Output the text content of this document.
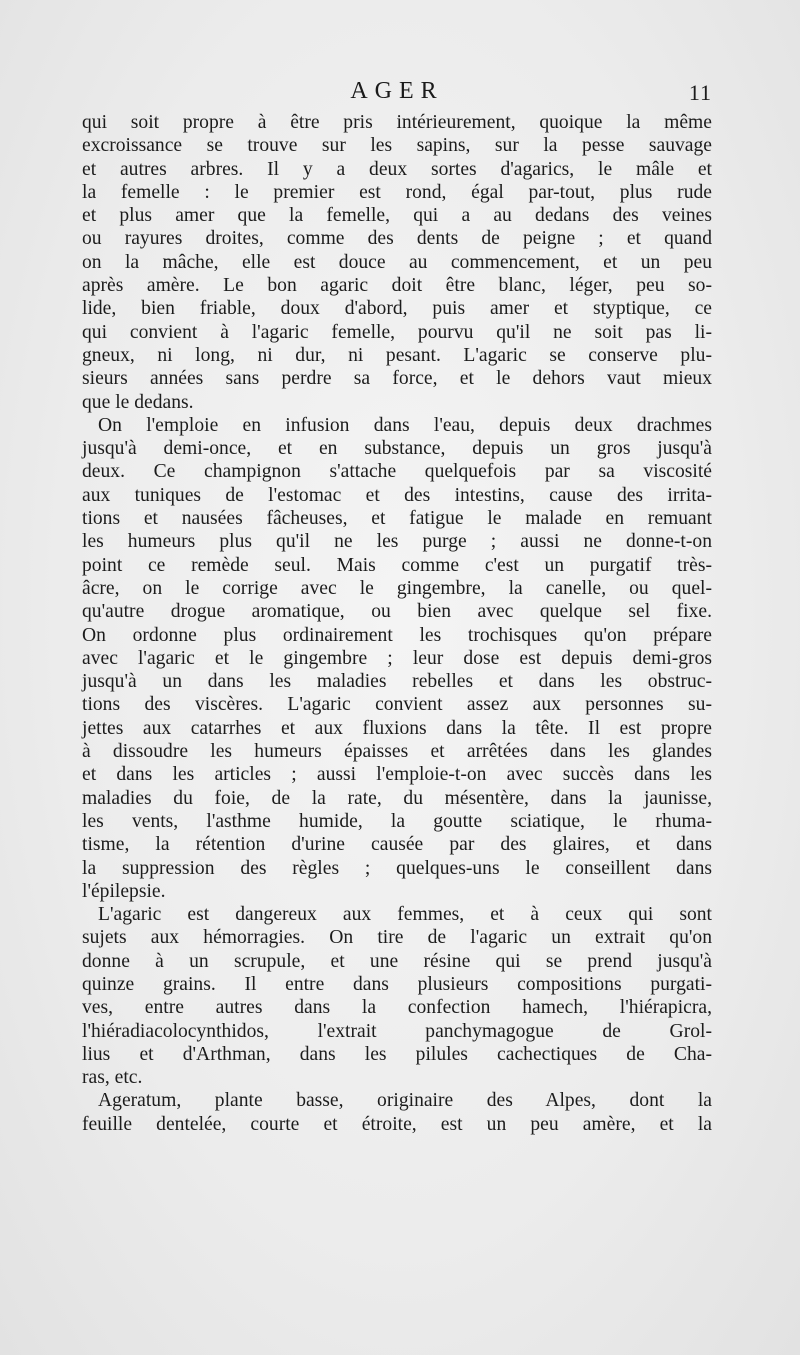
AGER	11
qui soit propre à être pris intérieurement, quoique la même
excroissance se trouve sur les sapins, sur la pesse sauvage
et autres arbres. Il y a deux sortes d'agarics, le mâle et
la femelle : le premier est rond, égal par-tout, plus rude
et plus amer que la femelle, qui a au dedans des veines
ou rayures droites, comme des dents de peigne ; et quand
on la mâche, elle est douce au commencement, et un peu
après amère. Le bon agaric doit être blanc, léger, peu so-
lide, bien friable, doux d'abord, puis amer et styptique, ce
qui convient à l'agaric femelle, pourvu qu'il ne soit pas li-
gneux, ni long, ni dur, ni pesant. L'agaric se conserve plu-
sieurs années sans perdre sa force, et le dehors vaut mieux
que le dedans.
On l'emploie en infusion dans l'eau, depuis deux drachmes
jusqu'à demi-once, et en substance, depuis un gros jusqu'à
deux. Ce champignon s'attache quelquefois par sa viscosité
aux tuniques de l'estomac et des intestins, cause des irrita-
tions et nausées fâcheuses, et fatigue le malade en remuant
les humeurs plus qu'il ne les purge ; aussi ne donne-t-on
point ce remède seul. Mais comme c'est un purgatif très-
âcre, on le corrige avec le gingembre, la canelle, ou quel-
qu'autre drogue aromatique, ou bien avec quelque sel fixe.
On ordonne plus ordinairement les trochisques qu'on prépare
avec l'agaric et le gingembre ; leur dose est depuis demi-gros
jusqu'à un dans les maladies rebelles et dans les obstruc-
tions des viscères. L'agaric convient assez aux personnes su-
jettes aux catarrhes et aux fluxions dans la tête. Il est propre
à dissoudre les humeurs épaisses et arrêtées dans les glandes
et dans les articles ; aussi l'emploie-t-on avec succès dans les
maladies du foie, de la rate, du mésentère, dans la jaunisse,
les vents, l'asthme humide, la goutte sciatique, le rhuma-
tisme, la rétention d'urine causée par des glaires, et dans
la suppression des règles ; quelques-uns le conseillent dans
l'épilepsie.
L'agaric est dangereux aux femmes, et à ceux qui sont
sujets aux hémorragies. On tire de l'agaric un extrait qu'on
donne à un scrupule, et une résine qui se prend jusqu'à
quinze grains. Il entre dans plusieurs compositions purgati-
ves, entre autres dans la confection hamech, l'hiérapicra,
l'hiéradiacolocynthidos, l'extrait panchymagogue de Grol-
lius et d'Arthman, dans les pilules cachectiques de Cha-
ras, etc.
Ageratum, plante basse, originaire des Alpes, dont la
feuille dentelée, courte et étroite, est un peu amère, et la
